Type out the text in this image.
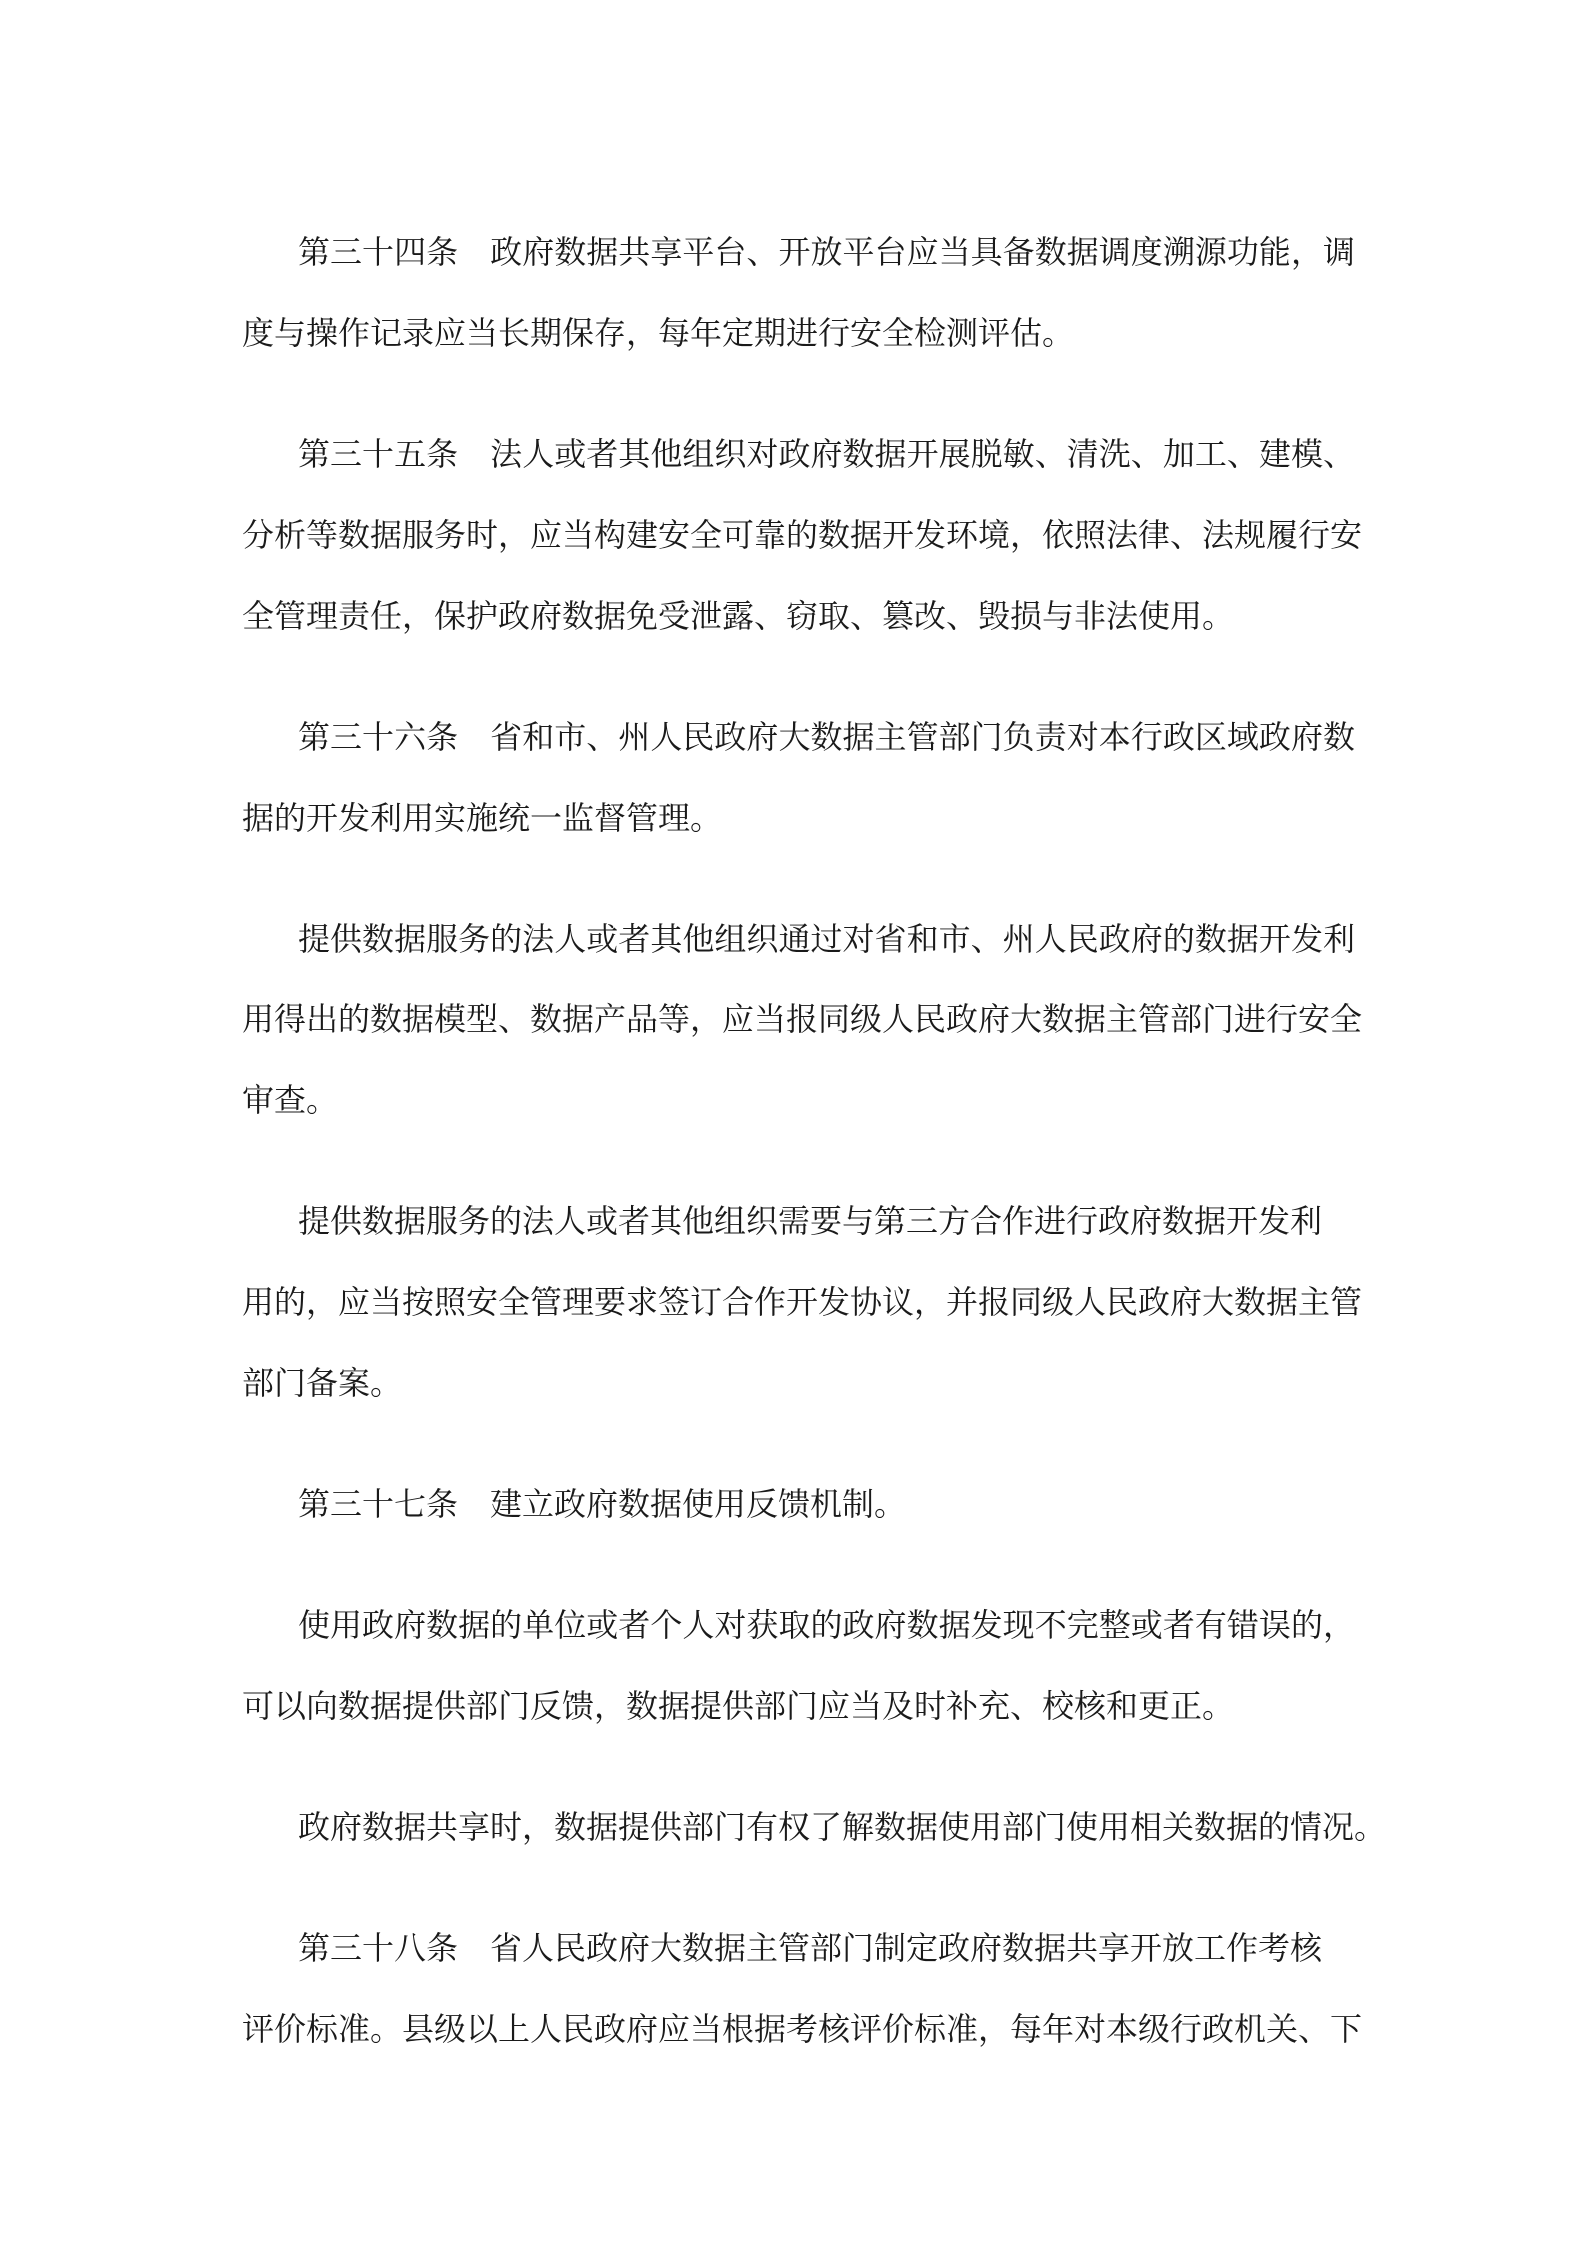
第三十四条　政府数据共享平台、开放平台应当具备数据调度溯源功能，调
度与操作记录应当长期保存，每年定期进行安全检测评估。
第三十五条　法人或者其他组织对政府数据开展脱敏、清洗、加工、建模、
分析等数据服务时，应当构建安全可靠的数据开发环境，依照法律、法规履行安
全管理责任，保护政府数据免受泄露、窃取、篡改、毁损与非法使用。
第三十六条　省和市、州人民政府大数据主管部门负责对本行政区域政府数
据的开发利用实施统一监督管理。
提供数据服务的法人或者其他组织通过对省和市、州人民政府的数据开发利
用得出的数据模型、数据产品等，应当报同级人民政府大数据主管部门进行安全
审查。
提供数据服务的法人或者其他组织需要与第三方合作进行政府数据开发利
用的，应当按照安全管理要求签订合作开发协议，并报同级人民政府大数据主管
部门备案。
第三十七条　建立政府数据使用反馈机制。
使用政府数据的单位或者个人对获取的政府数据发现不完整或者有错误的，
可以向数据提供部门反馈，数据提供部门应当及时补充、校核和更正。
政府数据共享时，数据提供部门有权了解数据使用部门使用相关数据的情况。
第三十八条　省人民政府大数据主管部门制定政府数据共享开放工作考核
评价标准。县级以上人民政府应当根据考核评价标准，每年对本级行政机关、下
